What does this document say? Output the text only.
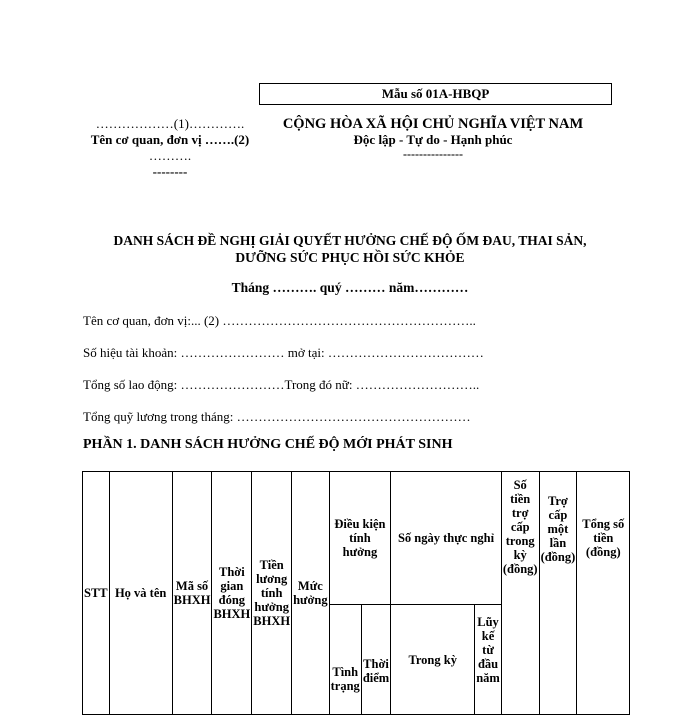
Mẫu số 01A-HBQP
………………(1)………….
Tên cơ quan, đơn vị …….(2)
……….
--------
CỘNG HÒA XÃ HỘI CHỦ NGHĨA VIỆT NAM
Độc lập - Tự do - Hạnh phúc
---------------
DANH SÁCH ĐỀ NGHỊ GIẢI QUYẾT HƯỞNG CHẾ ĐỘ ỐM ĐAU, THAI SẢN,
DƯỠNG SỨC PHỤC HỒI SỨC KHỎE
Tháng ………. quý ……… năm…………
Tên cơ quan, đơn vị:... (2) …………………………………………………..
Số hiệu tài khoản: …………………… mở tại: ………………………………
Tổng số lao động: ……………………Trong đó nữ: ………………………..
Tổng quỹ lương trong tháng: ………………………………………………
PHẦN 1. DANH SÁCH HƯỞNG CHẾ ĐỘ MỚI PHÁT SINH
STT	Họ và tên	Mã số BHXH	Thời gian đóng BHXH	Tiền lương tính hưởng BHXH	Mức hưởng	Điều kiện tính hưởng		Số ngày thực nghỉ		Số tiền trợ cấp trong kỳ (đồng)	Trợ cấp một lần (đồng)	Tổng số tiền (đồng)
						Tình trạng	Thời điểm	Trong kỳ	Lũy kế từ đầu năm			
